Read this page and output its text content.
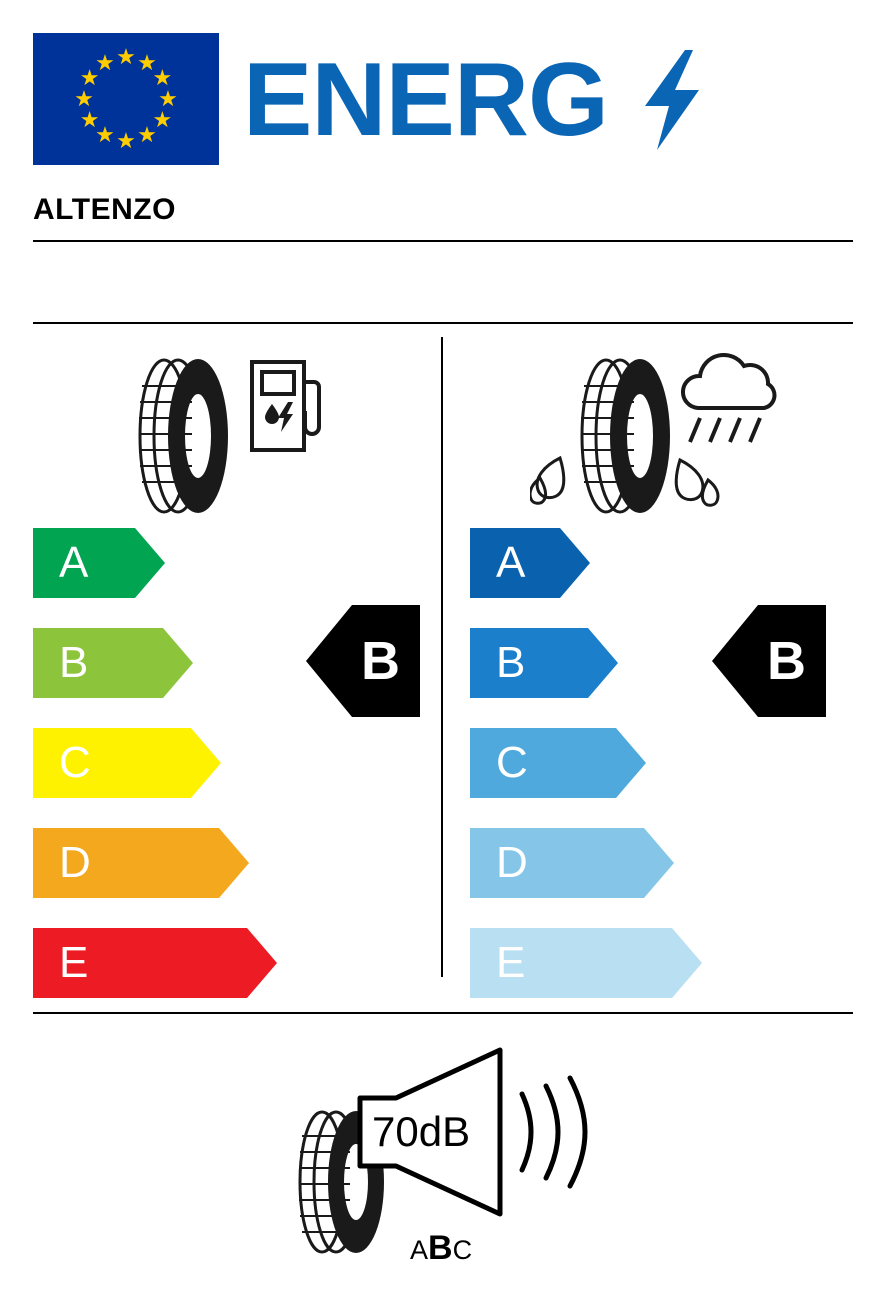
★ ★
★
★
★
★
★
★
★
★
★
★ ENERG
ALTENZO
A
B
C
D
E
B
A
B
C
D
E
B
70dB
ABC
